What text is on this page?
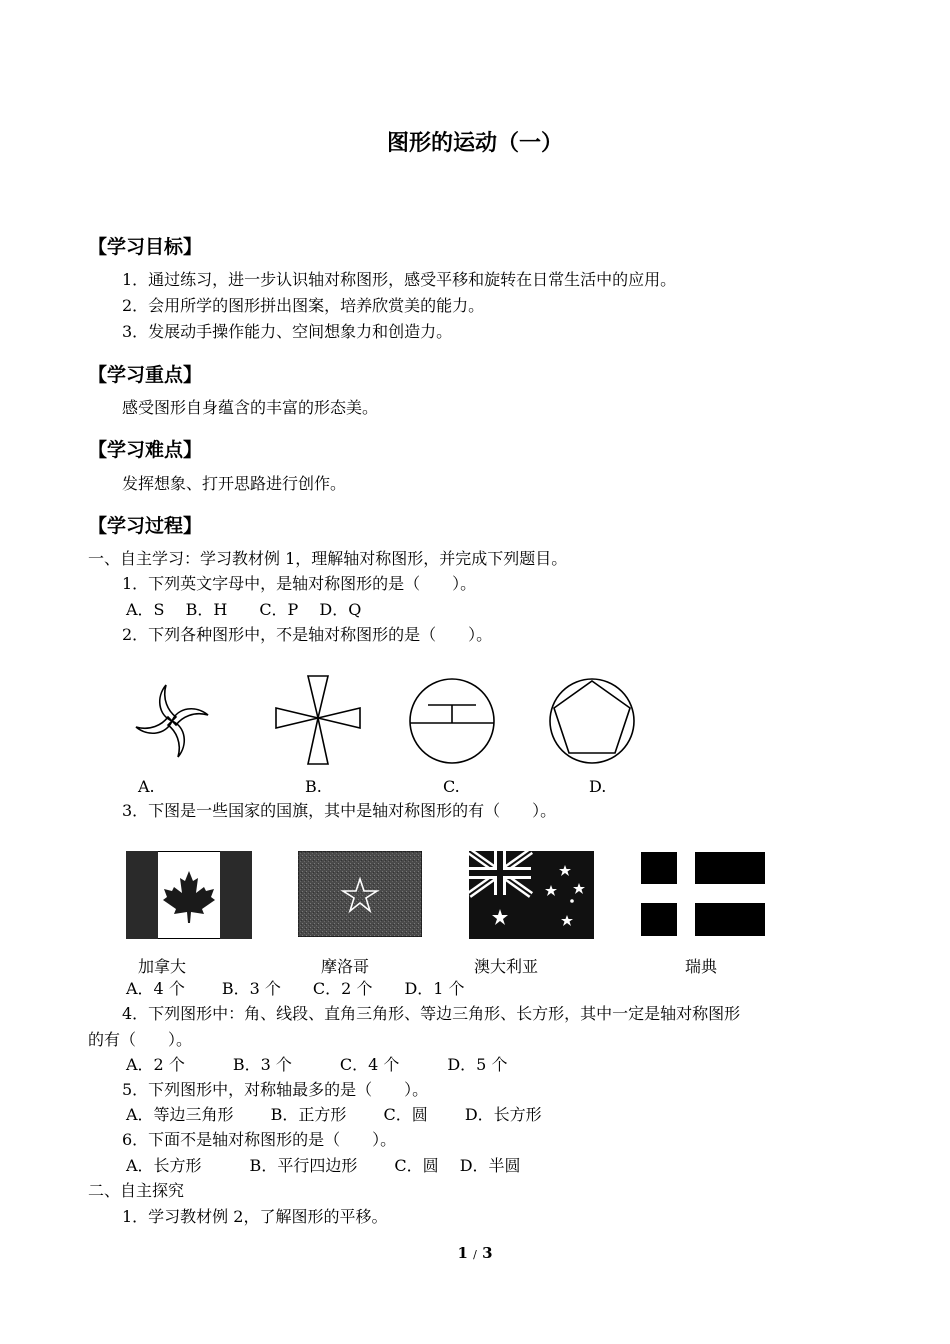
图形的运动（一）
【学习目标】
1．通过练习，进一步认识轴对称图形，感受平移和旋转在日常生活中的应用。
2．会用所学的图形拼出图案，培养欣赏美的能力。
3．发展动手操作能力、空间想象力和创造力。
【学习重点】
感受图形自身蕴含的丰富的形态美。
【学习难点】
发挥想象、打开思路进行创作。
【学习过程】
一、自主学习：学习教材例 1，理解轴对称图形，并完成下列题目。
1．下列英文字母中，是轴对称图形的是（　　）。
A．S　 B．H　　C．P　 D．Q
2．下列各种图形中，不是轴对称图形的是（　　）。
A.	B.	C.	D.
3．下图是一些国家的国旗，其中是轴对称图形的有（　　）。
加拿大	摩洛哥	澳大利亚	瑞典
A．4 个　　 B．3 个　　C．2 个　　D．1 个
4．下列图形中：角、线段、直角三角形、等边三角形、长方形，其中一定是轴对称图形
的有（　　）。
A．2 个　　　B．3 个　　　C．4 个　　　D．5 个
5．下列图形中，对称轴最多的是（　　）。
A．等边三角形　　 B．正方形　　 C．圆　　 D．长方形
6．下面不是轴对称图形的是（　　）。
A．长方形　　　B．平行四边形　　 C．圆　 D．半圆
二、自主探究
1．学习教材例 2，了解图形的平移。
1 / 3
